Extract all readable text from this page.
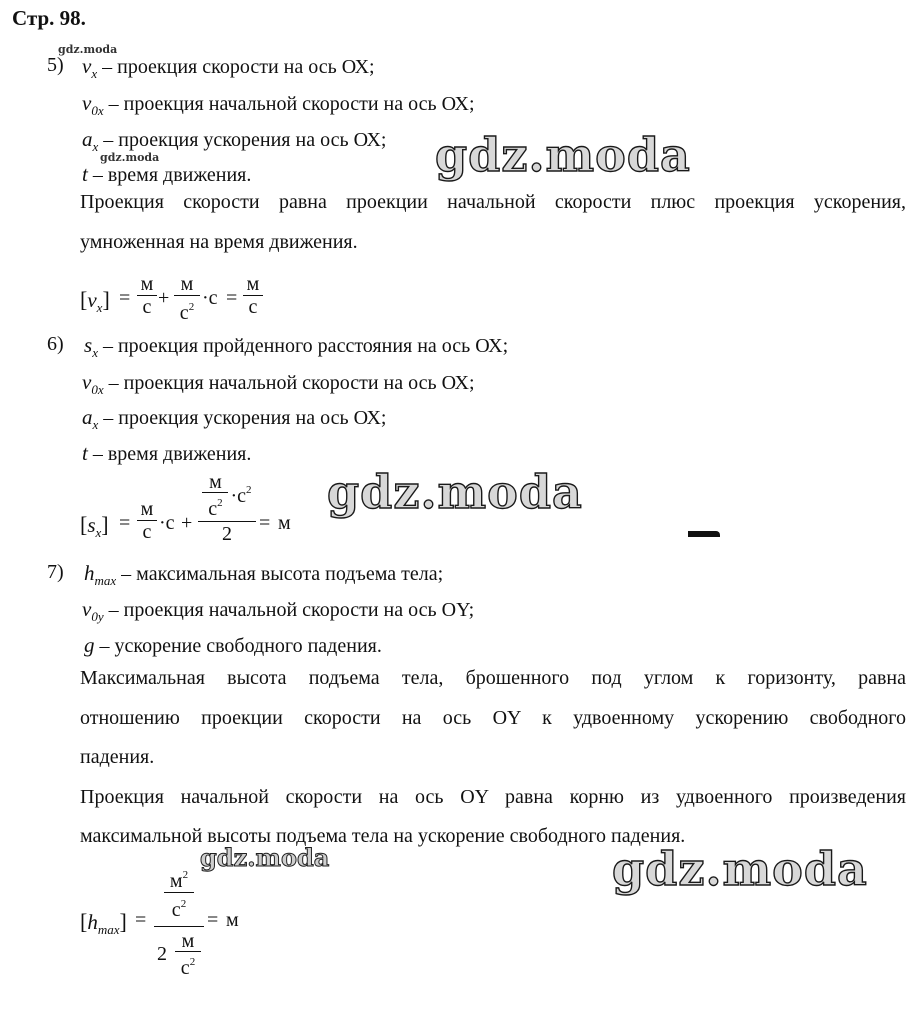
Стр. 98.
gdz.moda
gdz.moda	gdz.moda
gdz.moda
gdz.moda	gdz.moda
5) $v_x$ – проекция скорости на ось ОХ;
$v_{0x}$ – проекция начальной скорости на ось ОХ;
$a_x$ – проекция ускорения на ось ОХ;
t – время движения.
Проекция скорости равна проекции начальной скорости плюс проекция ускорения,
умноженная на время движения.
$[v_x]$ =
м
с +
м
$с^2 \cdot с$ =
м
с
6) $s_x$ – проекция пройденного расстояния на ось ОХ;
$v_{0x}$ – проекция начальной скорости на ось ОХ;
$a_x$ – проекция ускорения на ось ОХ;
t – время движения.
$[s_x]$ =
м
с ·с +
м
$с^2 \cdot с^2$
2	= м
7) $h_{max}$ – максимальная высота подъема тела;
$v_{0y}$ – проекция начальной скорости на ось ОY;
g – ускорение свободного падения.
Максимальная высота подъема тела, брошенного под углом к горизонту, равна
отношению проекции скорости на ось ОY к удвоенному ускорению свободного
падения.
Проекция начальной скорости на ось ОY равна корню из удвоенного произведения
максимальной высоты подъема тела на ускорение свободного падения.
$[h_{max}]$ =
$м^2$
$с^2$
2
м
$с^2$
= м
